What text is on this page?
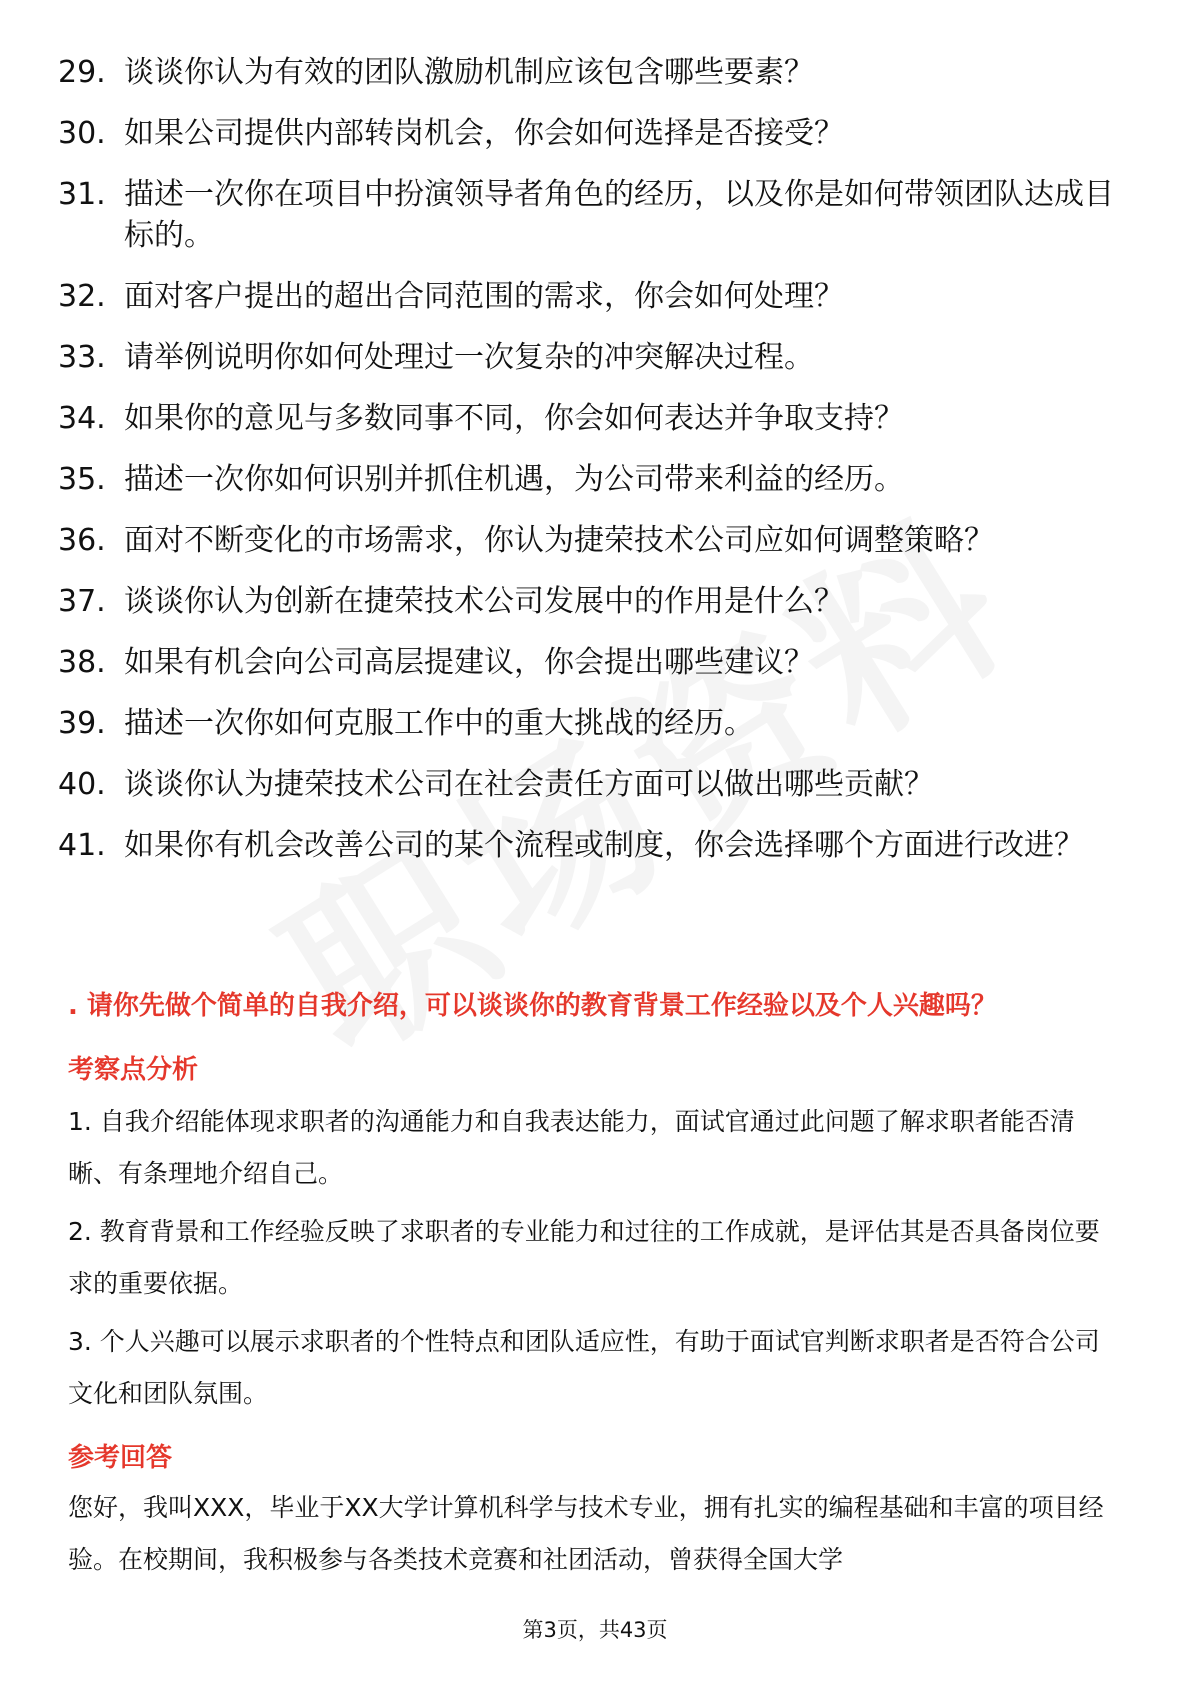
29. 谈谈你认为有效的团队激励机制应该包含哪些要素？
30. 如果公司提供内部转岗机会，你会如何选择是否接受？
31. 描述一次你在项目中扮演领导者角色的经历，以及你是如何带领团队达成目标的。
32. 面对客户提出的超出合同范围的需求，你会如何处理？
33. 请举例说明你如何处理过一次复杂的冲突解决过程。
34. 如果你的意见与多数同事不同，你会如何表达并争取支持？
35. 描述一次你如何识别并抓住机遇，为公司带来利益的经历。
36. 面对不断变化的市场需求，你认为捷荣技术公司应如何调整策略？
37. 谈谈你认为创新在捷荣技术公司发展中的作用是什么？
38. 如果有机会向公司高层提建议，你会提出哪些建议？
39. 描述一次你如何克服工作中的重大挑战的经历。
40. 谈谈你认为捷荣技术公司在社会责任方面可以做出哪些贡献？
41. 如果你有机会改善公司的某个流程或制度，你会选择哪个方面进行改进？

. 请你先做个简单的自我介绍，可以谈谈你的教育背景工作经验以及个人兴趣吗？

考察点分析

1. 自我介绍能体现求职者的沟通能力和自我表达能力，面试官通过此问题了解求职者能否清晰、有条理地介绍自己。

2. 教育背景和工作经验反映了求职者的专业能力和过往的工作成就，是评估其是否具备岗位要求的重要依据。

3. 个人兴趣可以展示求职者的个性特点和团队适应性，有助于面试官判断求职者是否符合公司文化和团队氛围。

参考回答

您好，我叫XXX，毕业于XX大学计算机科学与技术专业，拥有扎实的编程基础和丰富的项目经验。在校期间，我积极参与各类技术竞赛和社团活动，曾获得全国大学

第3页，共43页
